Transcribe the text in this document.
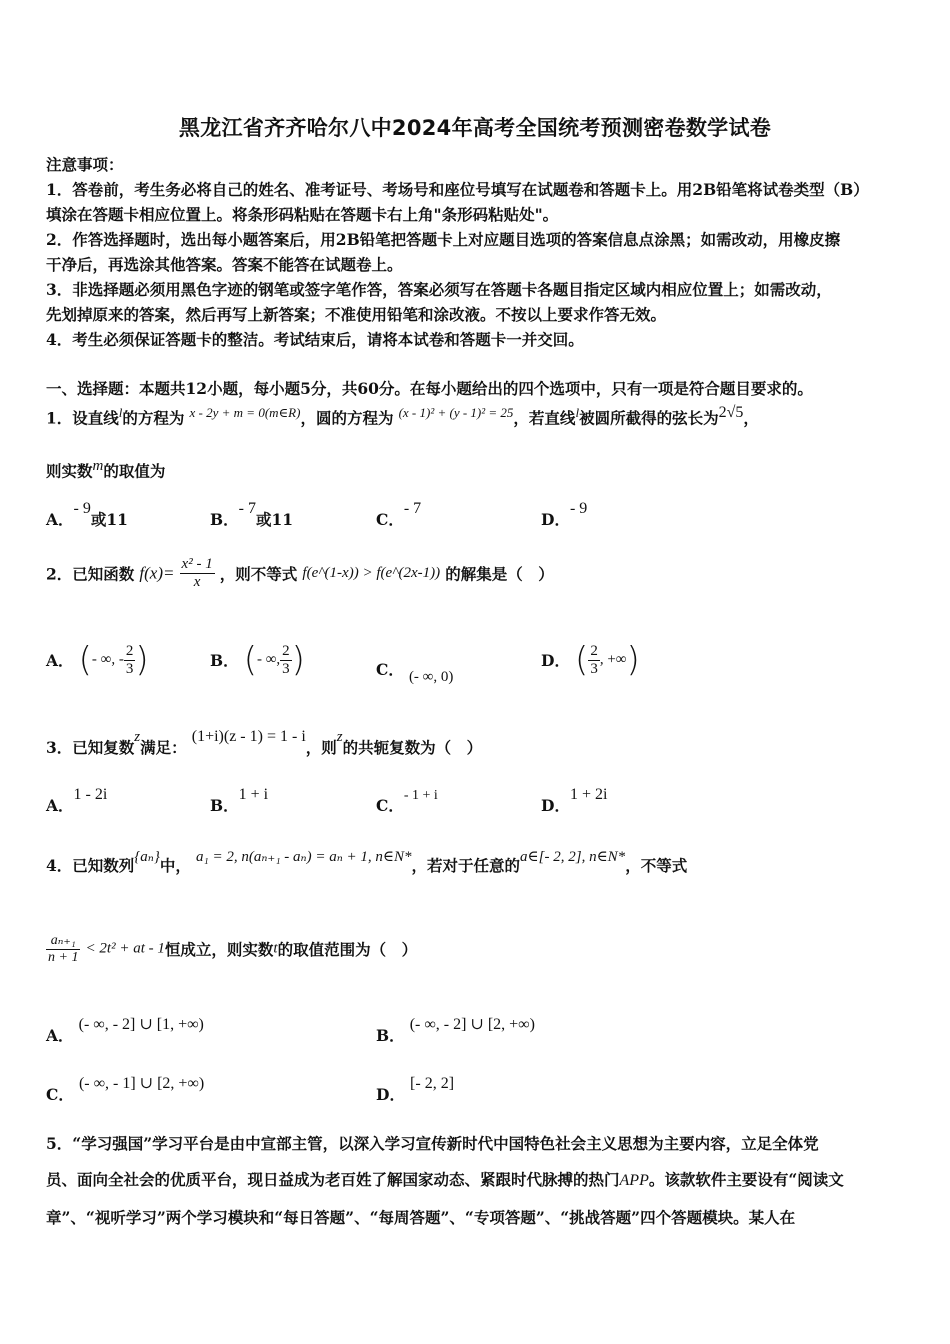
黑龙江省齐齐哈尔八中2024年高考全国统考预测密卷数学试卷
注意事项：
1．答卷前，考生务必将自己的姓名、准考证号、考场号和座位号填写在试题卷和答题卡上。用2B铅笔将试卷类型（B）
填涂在答题卡相应位置上。将条形码粘贴在答题卡右上角"条形码粘贴处"。
2．作答选择题时，选出每小题答案后，用2B铅笔把答题卡上对应题目选项的答案信息点涂黑；如需改动，用橡皮擦
干净后，再选涂其他答案。答案不能答在试题卷上。
3．非选择题必须用黑色字迹的钢笔或签字笔作答，答案必须写在答题卡各题目指定区域内相应位置上；如需改动，
先划掉原来的答案，然后再写上新答案；不准使用铅笔和涂改液。不按以上要求作答无效。
4．考生必须保证答题卡的整洁。考试结束后，请将本试卷和答题卡一并交回。
一、选择题：本题共12小题，每小题5分，共60分。在每小题给出的四个选项中，只有一项是符合题目要求的。
1．设直线$^l$的方程为 $^{x - 2y + m = 0(m\in R)}$，圆的方程为 $^{(x - 1)^2 + (y - 1)^2 = 25}$，若直线$^l$被圆所截得的弦长为$^{2√5}$，
则实数$^m$的取值为
A．- 9或11	B．- 7或11	C．- 7
D．- 9
2．已知函数 $f(x)= \frac{\text{x² - 1}}{x}$ ，则不等式 f(e^(1-x)) > f(e^(2x-1)) 的解集是（　）
A． (- ∞, - $\frac{2}{3}$ )	B． (- ∞, $\frac{2}{3}$ )	C． (- ∞, 0)
D． ( $\frac{2}{3}$ , +∞)
3．已知复数z满足： (1+i)(z - 1) = 1 - i，则z的共轭复数为（　）
A．1 - 2i
B．1 + i
C．- 1 + i
D．1 + 2i
4．已知数列{aₙ}中， a₁ = 2, n(aₙ₊₁ - aₙ) = aₙ + 1, n∈N*，若对于任意的a∈[- 2, 2], n∈N*，不等式
$\frac{\text{aₙ₊₁}}{n + 1} < 2t^2$ + at - 1恒成立，则实数t的取值范围为（　）
A． (- ∞, - 2] ∪ [1, +∞)
B． (- ∞, - 2] ∪ [2, +∞)
C． (- ∞, - 1] ∪ [2, +∞)
D． [- 2, 2]
5．“学习强国”学习平台是由中宣部主管，以深入学习宣传新时代中国特色社会主义思想为主要内容，立足全体党
员、面向全社会的优质平台，现日益成为老百姓了解国家动态、紧跟时代脉搏的热门APP。该款软件主要设有“阅读文
章”、“视听学习”两个学习模块和“每日答题”、“每周答题”、“专项答题”、“挑战答题”四个答题模块。某人在
